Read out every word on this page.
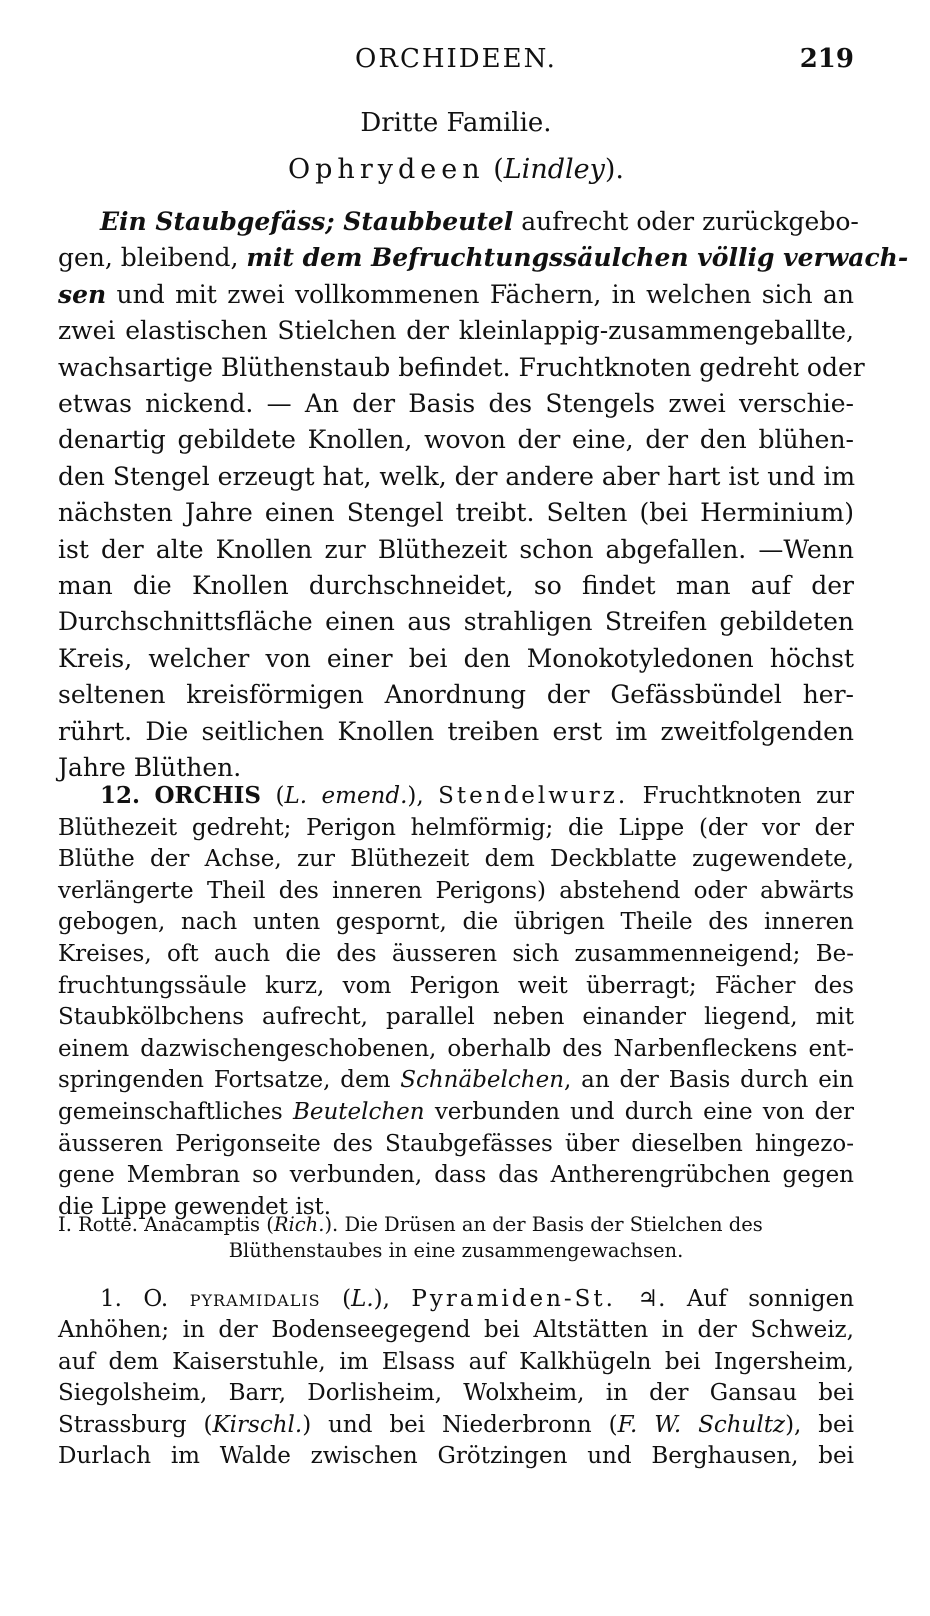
ORCHIDEEN.	219
Dritte Familie.
Ophrydeen (Lindley).
Ein Staubgefäss; Staubbeutel aufrecht oder zurückgebo-
gen, bleibend, mit dem Befruchtungssäulchen völlig verwach-
sen und mit zwei vollkommenen Fächern, in welchen sich an
zwei elastischen Stielchen der kleinlappig-zusammengeballte,
wachsartige Blüthenstaub befindet. Fruchtknoten gedreht oder
etwas nickend. — An der Basis des Stengels zwei verschie-
denartig gebildete Knollen, wovon der eine, der den blühen-
den Stengel erzeugt hat, welk, der andere aber hart ist und im
nächsten Jahre einen Stengel treibt. Selten (bei Herminium)
ist der alte Knollen zur Blüthezeit schon abgefallen. —Wenn
man die Knollen durchschneidet, so findet man auf der
Durchschnittsfläche einen aus strahligen Streifen gebildeten
Kreis, welcher von einer bei den Monokotyledonen höchst
seltenen kreisförmigen Anordnung der Gefässbündel her-
rührt. Die seitlichen Knollen treiben erst im zweitfolgenden
Jahre Blüthen.
12. ORCHIS (L. emend.), Stendelwurz. Fruchtknoten zur
Blüthezeit gedreht; Perigon helmförmig; die Lippe (der vor der
Blüthe der Achse, zur Blüthezeit dem Deckblatte zugewendete,
verlängerte Theil des inneren Perigons) abstehend oder abwärts
gebogen, nach unten gespornt, die übrigen Theile des inneren
Kreises, oft auch die des äusseren sich zusammenneigend; Be-
fruchtungssäule kurz, vom Perigon weit überragt; Fächer des
Staubkölbchens aufrecht, parallel neben einander liegend, mit
einem dazwischengeschobenen, oberhalb des Narbenfleckens ent-
springenden Fortsatze, dem Schnäbelchen, an der Basis durch ein
gemeinschaftliches Beutelchen verbunden und durch eine von der
äusseren Perigonseite des Staubgefässes über dieselben hingezo-
gene Membran so verbunden, dass das Antherengrübchen gegen
die Lippe gewendet ist.
I. Rotte. Anacamptis (Rich.). Die Drüsen an der Basis der Stielchen des
Blüthenstaubes in eine zusammengewachsen.
1. O. pyramidalis (L.), Pyramiden-St. ♃. Auf sonnigen
Anhöhen; in der Bodenseegegend bei Altstätten in der Schweiz,
auf dem Kaiserstuhle, im Elsass auf Kalkhügeln bei Ingersheim,
Siegolsheim, Barr, Dorlisheim, Wolxheim, in der Gansau bei
Strassburg (Kirschl.) und bei Niederbronn (F. W. Schultz), bei
Durlach im Walde zwischen Grötzingen und Berghausen, bei
